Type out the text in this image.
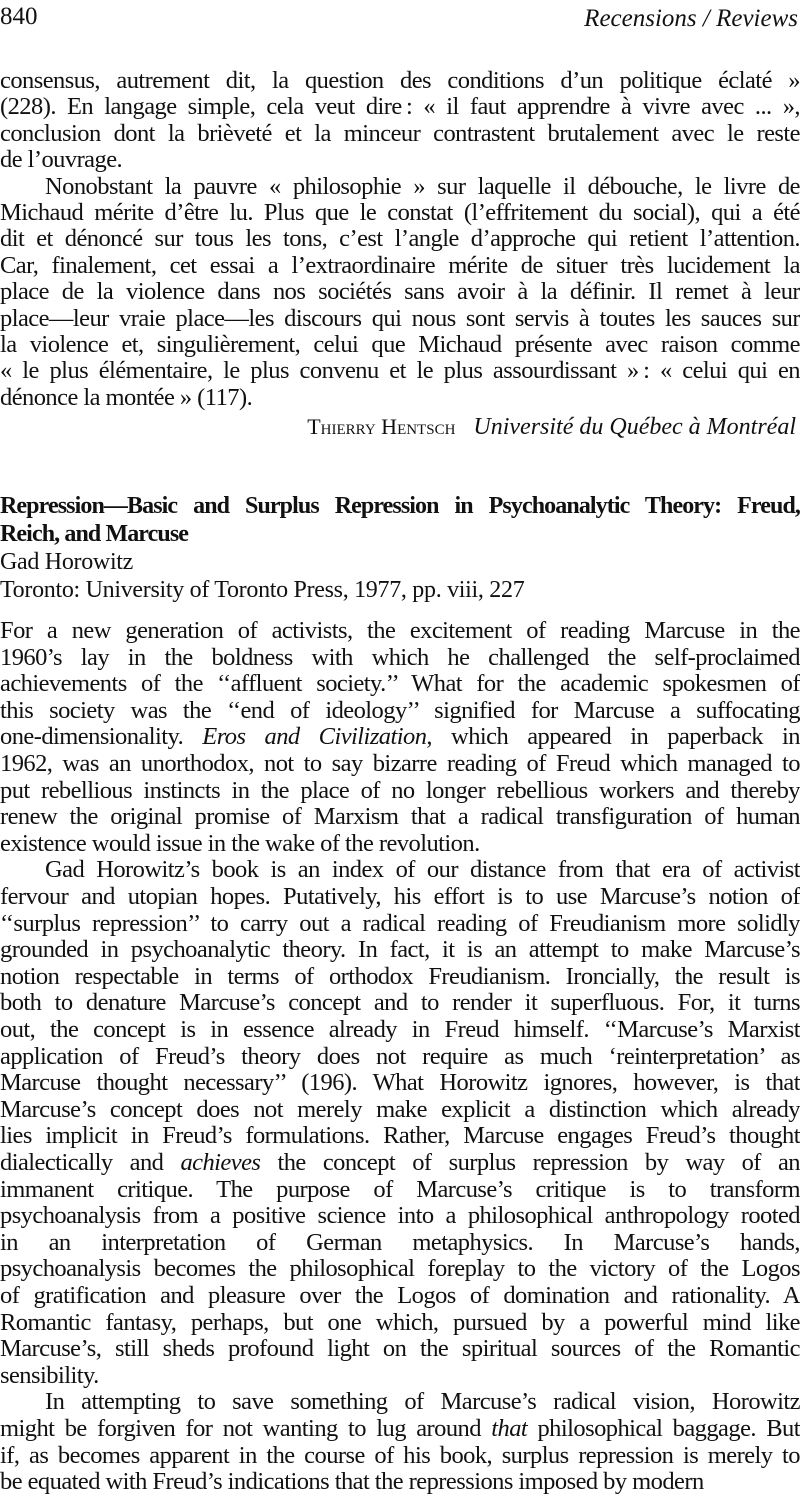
840	Recensions / Reviews
consensus, autrement dit, la question des conditions d’un politique éclaté »
(228). En langage simple, cela veut dire : « il faut apprendre à vivre avec ... »,
conclusion dont la brièveté et la minceur contrastent brutalement avec le reste
de l’ouvrage.
Nonobstant la pauvre « philosophie » sur laquelle il débouche, le livre de
Michaud mérite d’être lu. Plus que le constat (l’effritement du social), qui a été
dit et dénoncé sur tous les tons, c’est l’angle d’approche qui retient l’attention.
Car, finalement, cet essai a l’extraordinaire mérite de situer très lucidement la
place de la violence dans nos sociétés sans avoir à la définir. Il remet à leur
place—leur vraie place—les discours qui nous sont servis à toutes les sauces sur
la violence et, singulièrement, celui que Michaud présente avec raison comme
« le plus élémentaire, le plus convenu et le plus assourdissant » : « celui qui en
dénonce la montée » (117).
Thierry Hentsch Université du Québec à Montréal
Repression—Basic and Surplus Repression in Psychoanalytic Theory: Freud,
Reich, and Marcuse
Gad Horowitz
Toronto: University of Toronto Press, 1977, pp. viii, 227
For a new generation of activists, the excitement of reading Marcuse in the
1960’s lay in the boldness with which he challenged the self-proclaimed
achievements of the ‘‘affluent society.’’ What for the academic spokesmen of
this society was the ‘‘end of ideology’’ signified for Marcuse a suffocating
one-dimensionality. Eros and Civilization, which appeared in paperback in
1962, was an unorthodox, not to say bizarre reading of Freud which managed to
put rebellious instincts in the place of no longer rebellious workers and thereby
renew the original promise of Marxism that a radical transfiguration of human
existence would issue in the wake of the revolution.
Gad Horowitz’s book is an index of our distance from that era of activist
fervour and utopian hopes. Putatively, his effort is to use Marcuse’s notion of
‘‘surplus repression’’ to carry out a radical reading of Freudianism more solidly
grounded in psychoanalytic theory. In fact, it is an attempt to make Marcuse’s
notion respectable in terms of orthodox Freudianism. Ironcially, the result is
both to denature Marcuse’s concept and to render it superfluous. For, it turns
out, the concept is in essence already in Freud himself. ‘‘Marcuse’s Marxist
application of Freud’s theory does not require as much ‘reinterpretation’ as
Marcuse thought necessary’’ (196). What Horowitz ignores, however, is that
Marcuse’s concept does not merely make explicit a distinction which already
lies implicit in Freud’s formulations. Rather, Marcuse engages Freud’s thought
dialectically and achieves the concept of surplus repression by way of an
immanent critique. The purpose of Marcuse’s critique is to transform
psychoanalysis from a positive science into a philosophical anthropology rooted
in an interpretation of German metaphysics. In Marcuse’s hands,
psychoanalysis becomes the philosophical foreplay to the victory of the Logos
of gratification and pleasure over the Logos of domination and rationality. A
Romantic fantasy, perhaps, but one which, pursued by a powerful mind like
Marcuse’s, still sheds profound light on the spiritual sources of the Romantic
sensibility.
In attempting to save something of Marcuse’s radical vision, Horowitz
might be forgiven for not wanting to lug around that philosophical baggage. But
if, as becomes apparent in the course of his book, surplus repression is merely to
be equated with Freud’s indications that the repressions imposed by modern
